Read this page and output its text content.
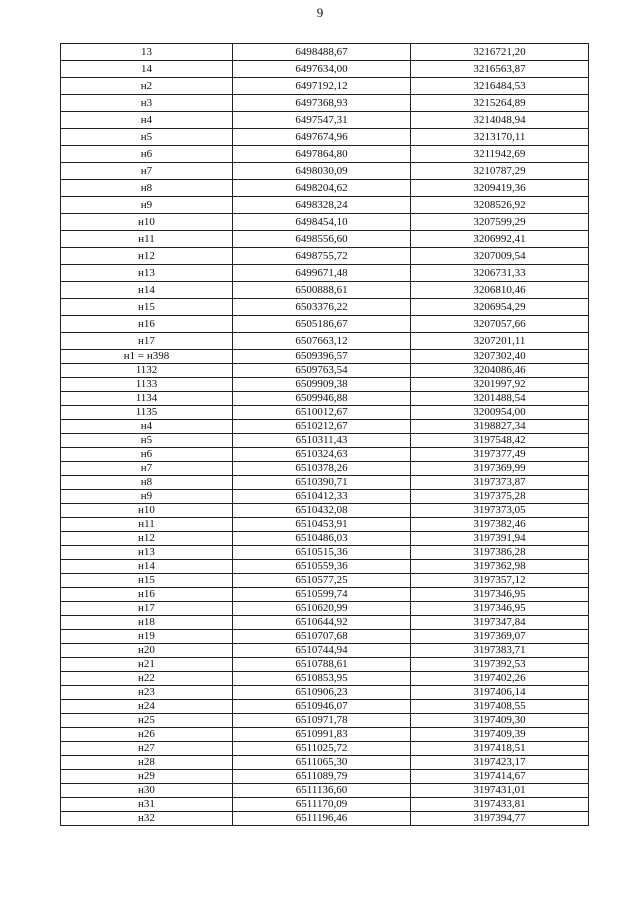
9
13	6498488,67	3216721,20
14	6497634,00	3216563,87
н2	6497192,12	3216484,53
н3	6497368,93	3215264,89
н4	6497547,31	3214048,94
н5	6497674,96	3213170,11
н6	6497864,80	3211942,69
н7	6498030,09	3210787,29
н8	6498204,62	3209419,36
н9	6498328,24	3208526,92
н10	6498454,10	3207599,29
н11	6498556,60	3206992,41
н12	6498755,72	3207009,54
н13	6499671,48	3206731,33
н14	6500888,61	3206810,46
н15	6503376,22	3206954,29
н16	6505186,67	3207057,66
н17	6507663,12	3207201,11
н1 = н398	6509396,57	3207302,40
1132	6509763,54	3204086,46
1133	6509909,38	3201997,92
1134	6509946,88	3201488,54
1135	6510012,67	3200954,00
н4	6510212,67	3198827,34
н5	6510311,43	3197548,42
н6	6510324,63	3197377,49
н7	6510378,26	3197369,99
н8	6510390,71	3197373,87
н9	6510412,33	3197375,28
н10	6510432,08	3197373,05
н11	6510453,91	3197382,46
н12	6510486,03	3197391,94
н13	6510515,36	3197386,28
н14	6510559,36	3197362,98
н15	6510577,25	3197357,12
н16	6510599,74	3197346,95
н17	6510620,99	3197346,95
н18	6510644,92	3197347,84
н19	6510707,68	3197369,07
н20	6510744,94	3197383,71
н21	6510788,61	3197392,53
н22	6510853,95	3197402,26
н23	6510906,23	3197406,14
н24	6510946,07	3197408,55
н25	6510971,78	3197409,30
н26	6510991,83	3197409,39
н27	6511025,72	3197418,51
н28	6511065,30	3197423,17
н29	6511089,79	3197414,67
н30	6511136,60	3197431,01
н31	6511170,09	3197433,81
н32	6511196,46	3197394,77
